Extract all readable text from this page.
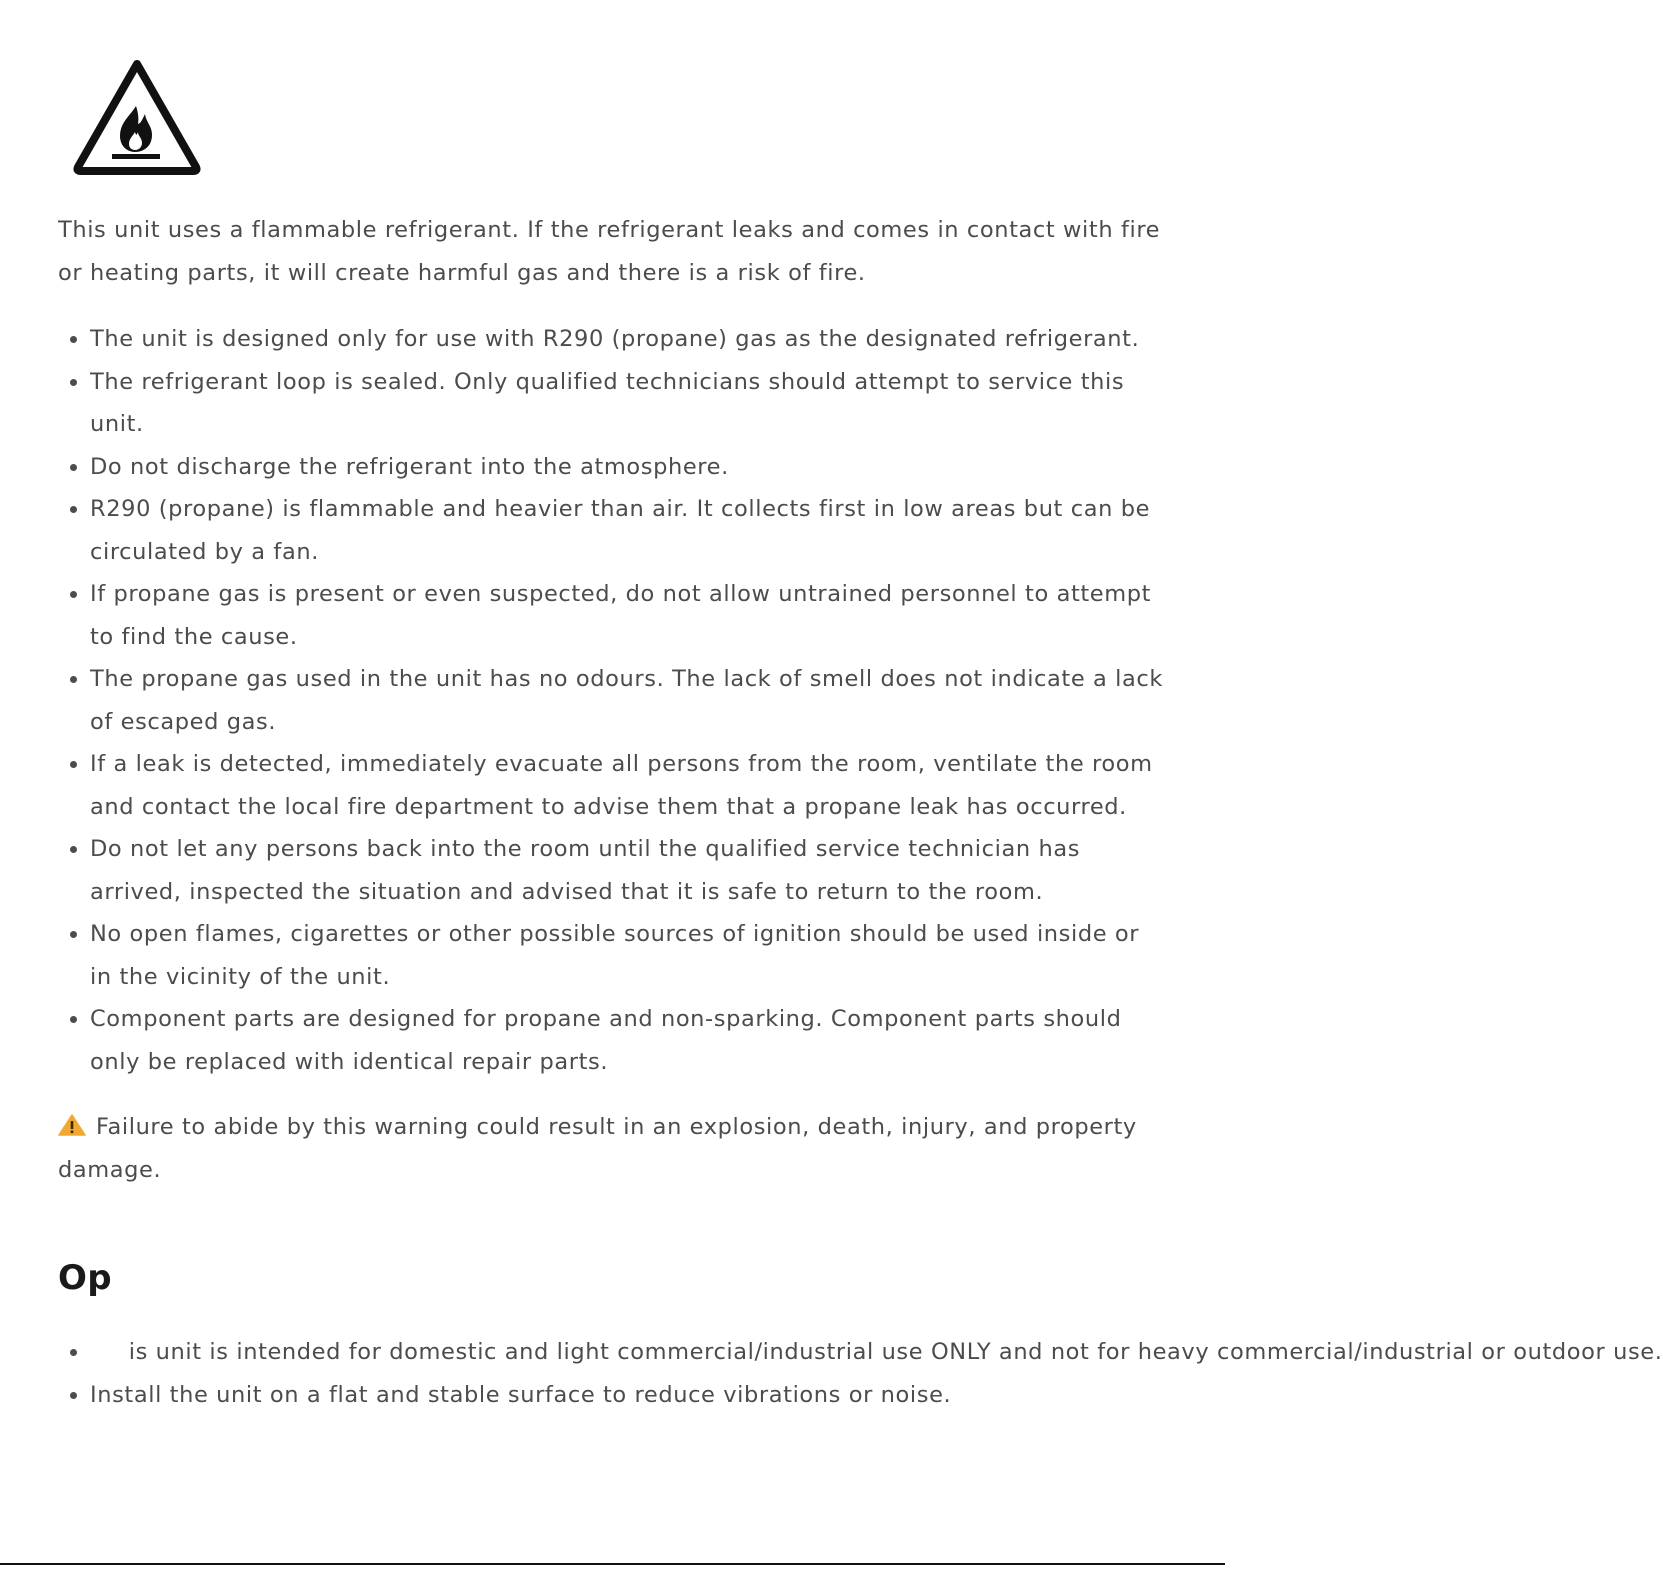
This unit uses a flammable refrigerant. If the refrigerant leaks and comes in contact with fire or heating parts, it will create harmful gas and there is a risk of fire.

• The unit is designed only for use with R290 (propane) gas as the designated refrigerant.
• The refrigerant loop is sealed. Only qualified technicians should attempt to service this unit.
• Do not discharge the refrigerant into the atmosphere.
• R290 (propane) is flammable and heavier than air. It collects first in low areas but can be circulated by a fan.
• If propane gas is present or even suspected, do not allow untrained personnel to attempt to find the cause.
• The propane gas used in the unit has no odours. The lack of smell does not indicate a lack of escaped gas.
• If a leak is detected, immediately evacuate all persons from the room, ventilate the room and contact the local fire department to advise them that a propane leak has occurred.
• Do not let any persons back into the room until the qualified service technician has arrived, inspected the situation and advised that it is safe to return to the room.
• No open flames, cigarettes or other possible sources of ignition should be used inside or in the vicinity of the unit.
• Component parts are designed for propane and non-sparking. Component parts should only be replaced with identical repair parts.

Failure to abide by this warning could result in an explosion, death, injury, and property damage.

Op
•      is unit is intended for domestic and light commercial/industrial use ONLY and not for heavy commercial/industrial or outdoor use.
• Install the unit on a flat and stable surface to reduce vibrations or noise.
